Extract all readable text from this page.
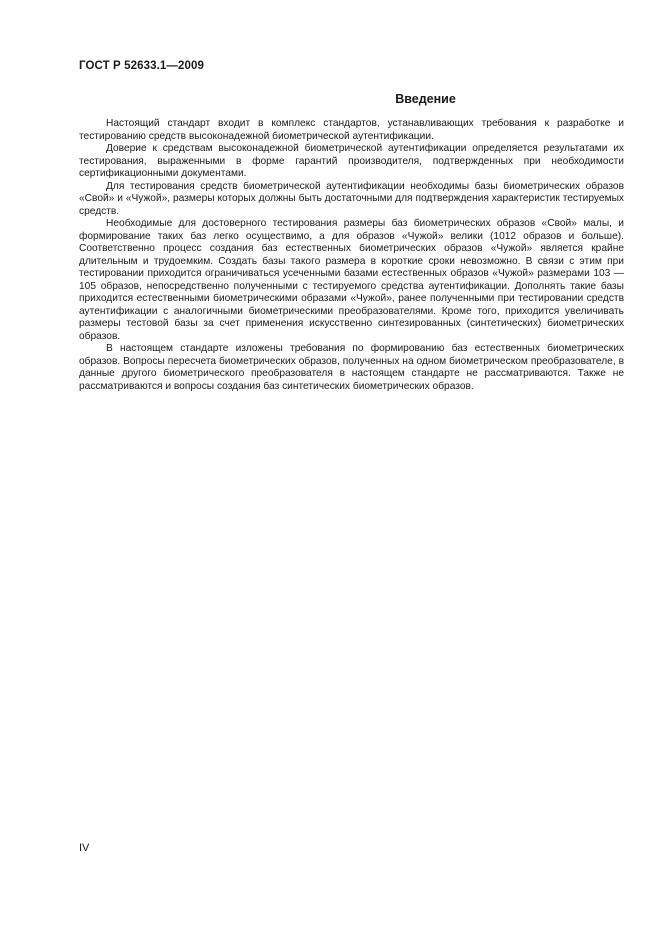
ГОСТ Р 52633.1—2009
Введение

Настоящий стандарт входит в комплекс стандартов, устанавливающих требования к разработке и тестированию средств высоконадежной биометрической аутентификации.

Доверие к средствам высоконадежной биометрической аутентификации определяется результатами их тестирования, выраженными в форме гарантий производителя, подтвержденных при необходимости сертификационными документами.

Для тестирования средств биометрической аутентификации необходимы базы биометрических образов «Свой» и «Чужой», размеры которых должны быть достаточными для подтверждения характеристик тестируемых средств.

Необходимые для достоверного тестирования размеры баз биометрических образов «Свой» малы, и формирование таких баз легко осуществимо, а для образов «Чужой» велики (1012 образов и больше). Соответственно процесс создания баз естественных биометрических образов «Чужой» является крайне длительным и трудоемким. Создать базы такого размера в короткие сроки невозможно. В связи с этим при тестировании приходится ограничиваться усеченными базами естественных образов «Чужой» размерами 103 —105 образов, непосредственно полученными с тестируемого средства аутентификации. Дополнять такие базы приходится естественными биометрическими образами «Чужой», ранее полученными при тестировании средств аутентификации с аналогичными биометрическими преобразователями. Кроме того, приходится увеличивать размеры тестовой базы за счет применения искусственно синтезированных (синтетических) биометрических образов.

В настоящем стандарте изложены требования по формированию баз естественных биометрических образов. Вопросы пересчета биометрических образов, полученных на одном биометрическом преобразователе, в данные другого биометрического преобразователя в настоящем стандарте не рассматриваются. Также не рассматриваются и вопросы создания баз синтетических биометрических образов.

IV
